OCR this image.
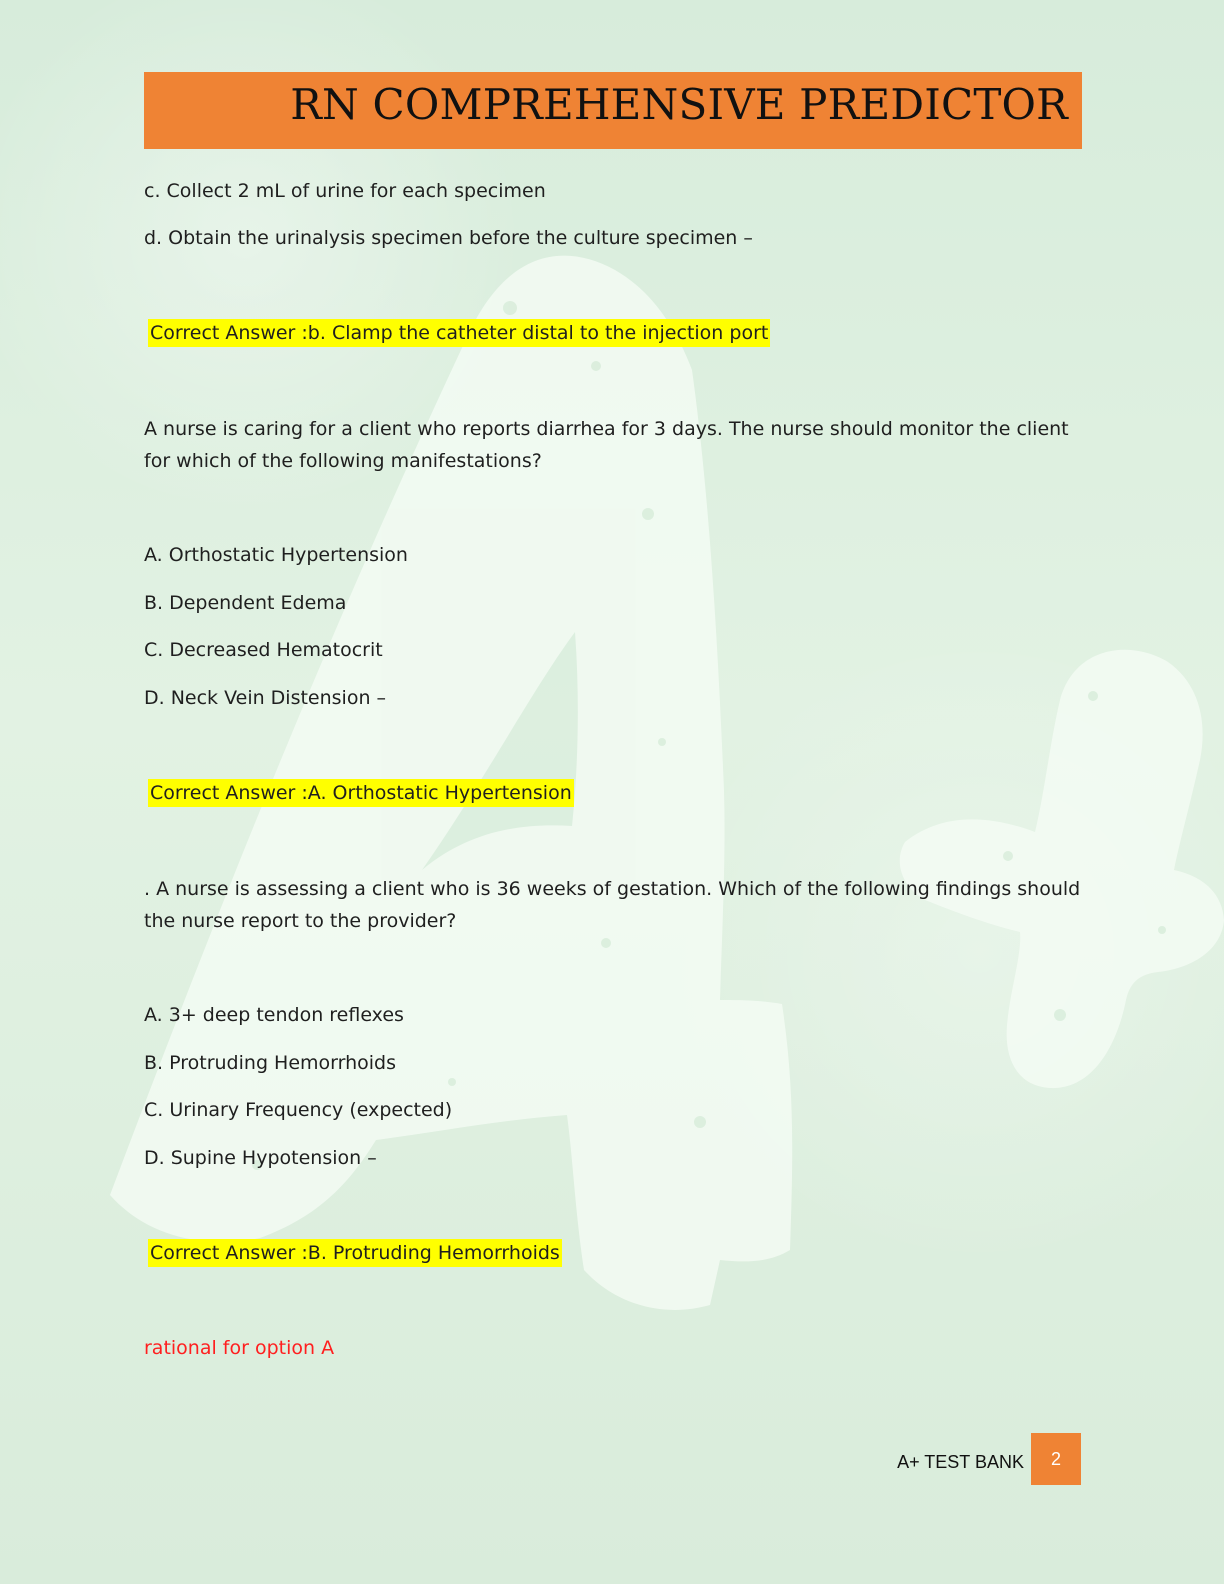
RN COMPREHENSIVE PREDICTOR

c. Collect 2 mL of urine for each specimen

d. Obtain the urinalysis specimen before the culture specimen –

Correct Answer :b. Clamp the catheter distal to the injection port

A nurse is caring for a client who reports diarrhea for 3 days. The nurse should monitor the client for which of the following manifestations?

A. Orthostatic Hypertension

B. Dependent Edema

C. Decreased Hematocrit

D. Neck Vein Distension –

Correct Answer :A. Orthostatic Hypertension

. A nurse is assessing a client who is 36 weeks of gestation. Which of the following findings should the nurse report to the provider?

A. 3+ deep tendon reflexes

B. Protruding Hemorrhoids

C. Urinary Frequency (expected)

D. Supine Hypotension –

Correct Answer :B. Protruding Hemorrhoids

rational for option A

A+ TEST BANK	2
